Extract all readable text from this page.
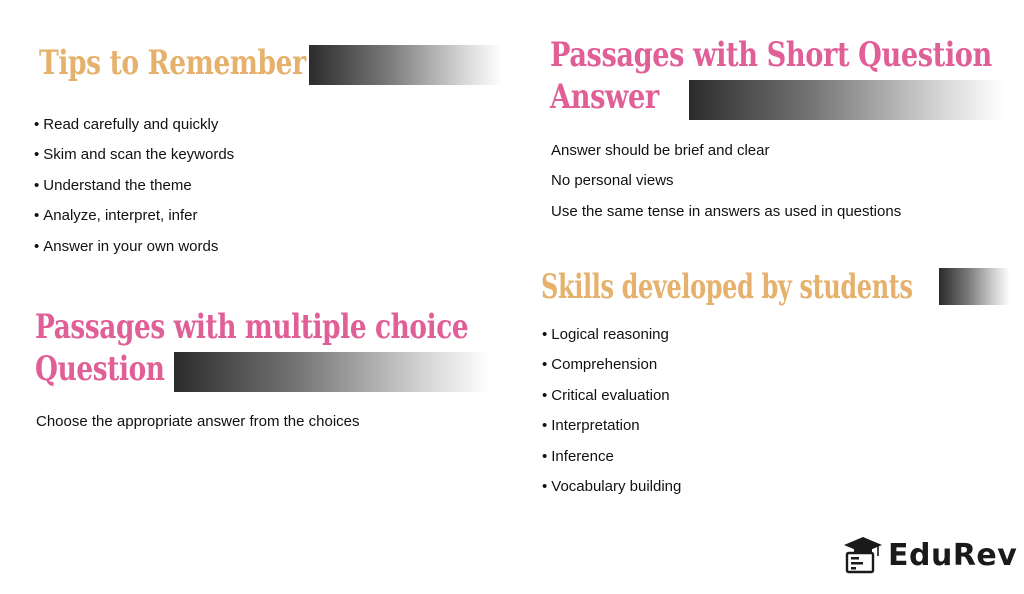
Tips to Remember
• Read carefully and quickly
• Skim and scan the keywords
• Understand the theme
• Analyze, interpret, infer
• Answer in your own words
Passages with multiple choice
Question
Choose the appropriate answer from the choices
Passages with Short Question
Answer
Answer should be brief and clear
No personal views
Use the same tense in answers as used in questions
Skills developed by students
• Logical reasoning
• Comprehension
• Critical evaluation
• Interpretation
• Inference
• Vocabulary building
EduRev
